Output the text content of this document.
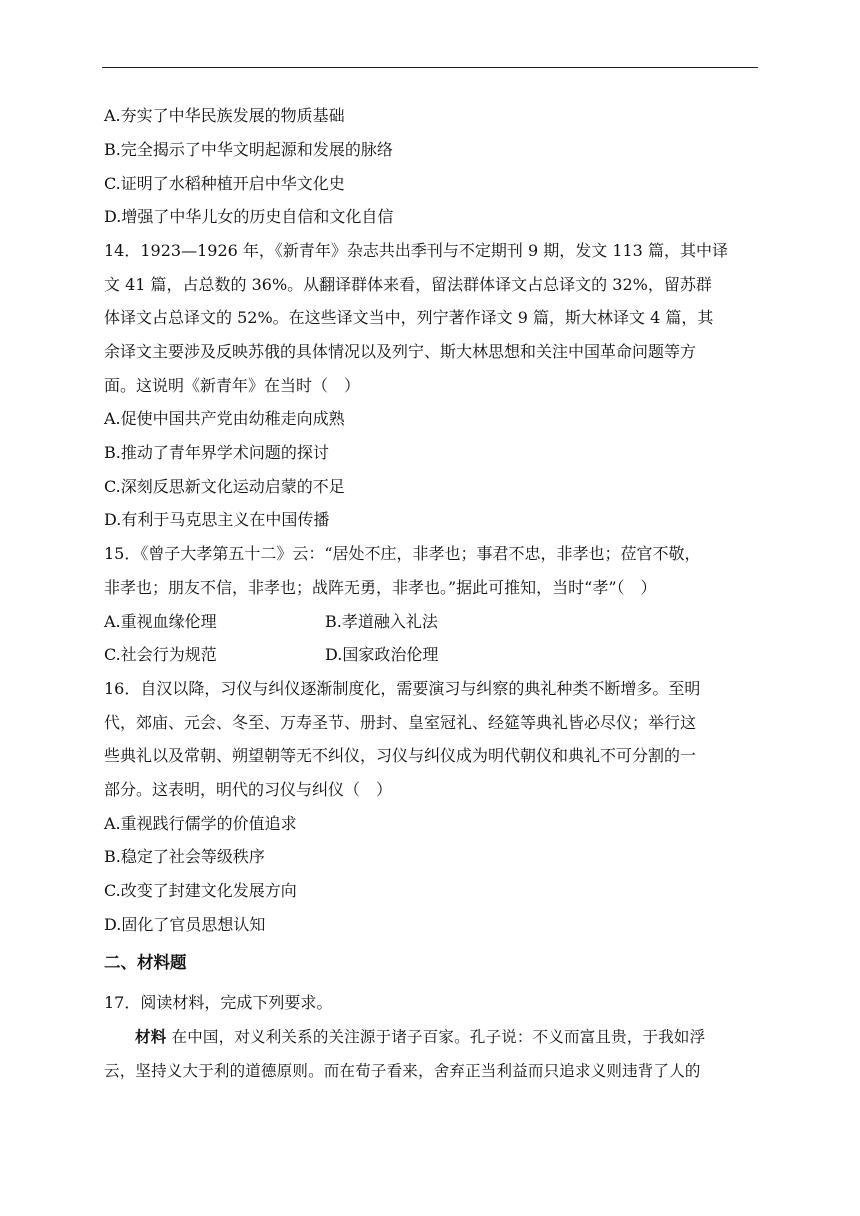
A.夯实了中华民族发展的物质基础
B.完全揭示了中华文明起源和发展的脉络
C.证明了水稻种植开启中华文化史
D.增强了中华儿女的历史自信和文化自信
14．1923—1926 年，《新青年》杂志共出季刊与不定期刊 9 期，发文 113 篇，其中译
文 41 篇，占总数的 36%。从翻译群体来看，留法群体译文占总译文的 32%，留苏群
体译文占总译文的 52%。在这些译文当中，列宁著作译文 9 篇，斯大林译文 4 篇，其
余译文主要涉及反映苏俄的具体情况以及列宁、斯大林思想和关注中国革命问题等方
面。这说明《新青年》在当时（　）
A.促使中国共产党由幼稚走向成熟
B.推动了青年界学术问题的探讨
C.深刻反思新文化运动启蒙的不足
D.有利于马克思主义在中国传播
15．《曾子大孝第五十二》云：“居处不庄，非孝也；事君不忠，非孝也；莅官不敬，
非孝也；朋友不信，非孝也；战阵无勇，非孝也。”据此可推知，当时“孝”（　）
A.重视血缘伦理	B.孝道融入礼法
C.社会行为规范	D.国家政治伦理
16．自汉以降，习仪与纠仪逐渐制度化，需要演习与纠察的典礼种类不断增多。至明
代，郊庙、元会、冬至、万寿圣节、册封、皇室冠礼、经筵等典礼皆必尽仪；举行这
些典礼以及常朝、朔望朝等无不纠仪，习仪与纠仪成为明代朝仪和典礼不可分割的一
部分。这表明，明代的习仪与纠仪（　）
A.重视践行儒学的价值追求
B.稳定了社会等级秩序
C.改变了封建文化发展方向
D.固化了官员思想认知
二、材料题
17．阅读材料，完成下列要求。
材料 在中国，对义利关系的关注源于诸子百家。孔子说：不义而富且贵，于我如浮
云，坚持义大于利的道德原则。而在荀子看来，舍弃正当利益而只追求义则违背了人的
